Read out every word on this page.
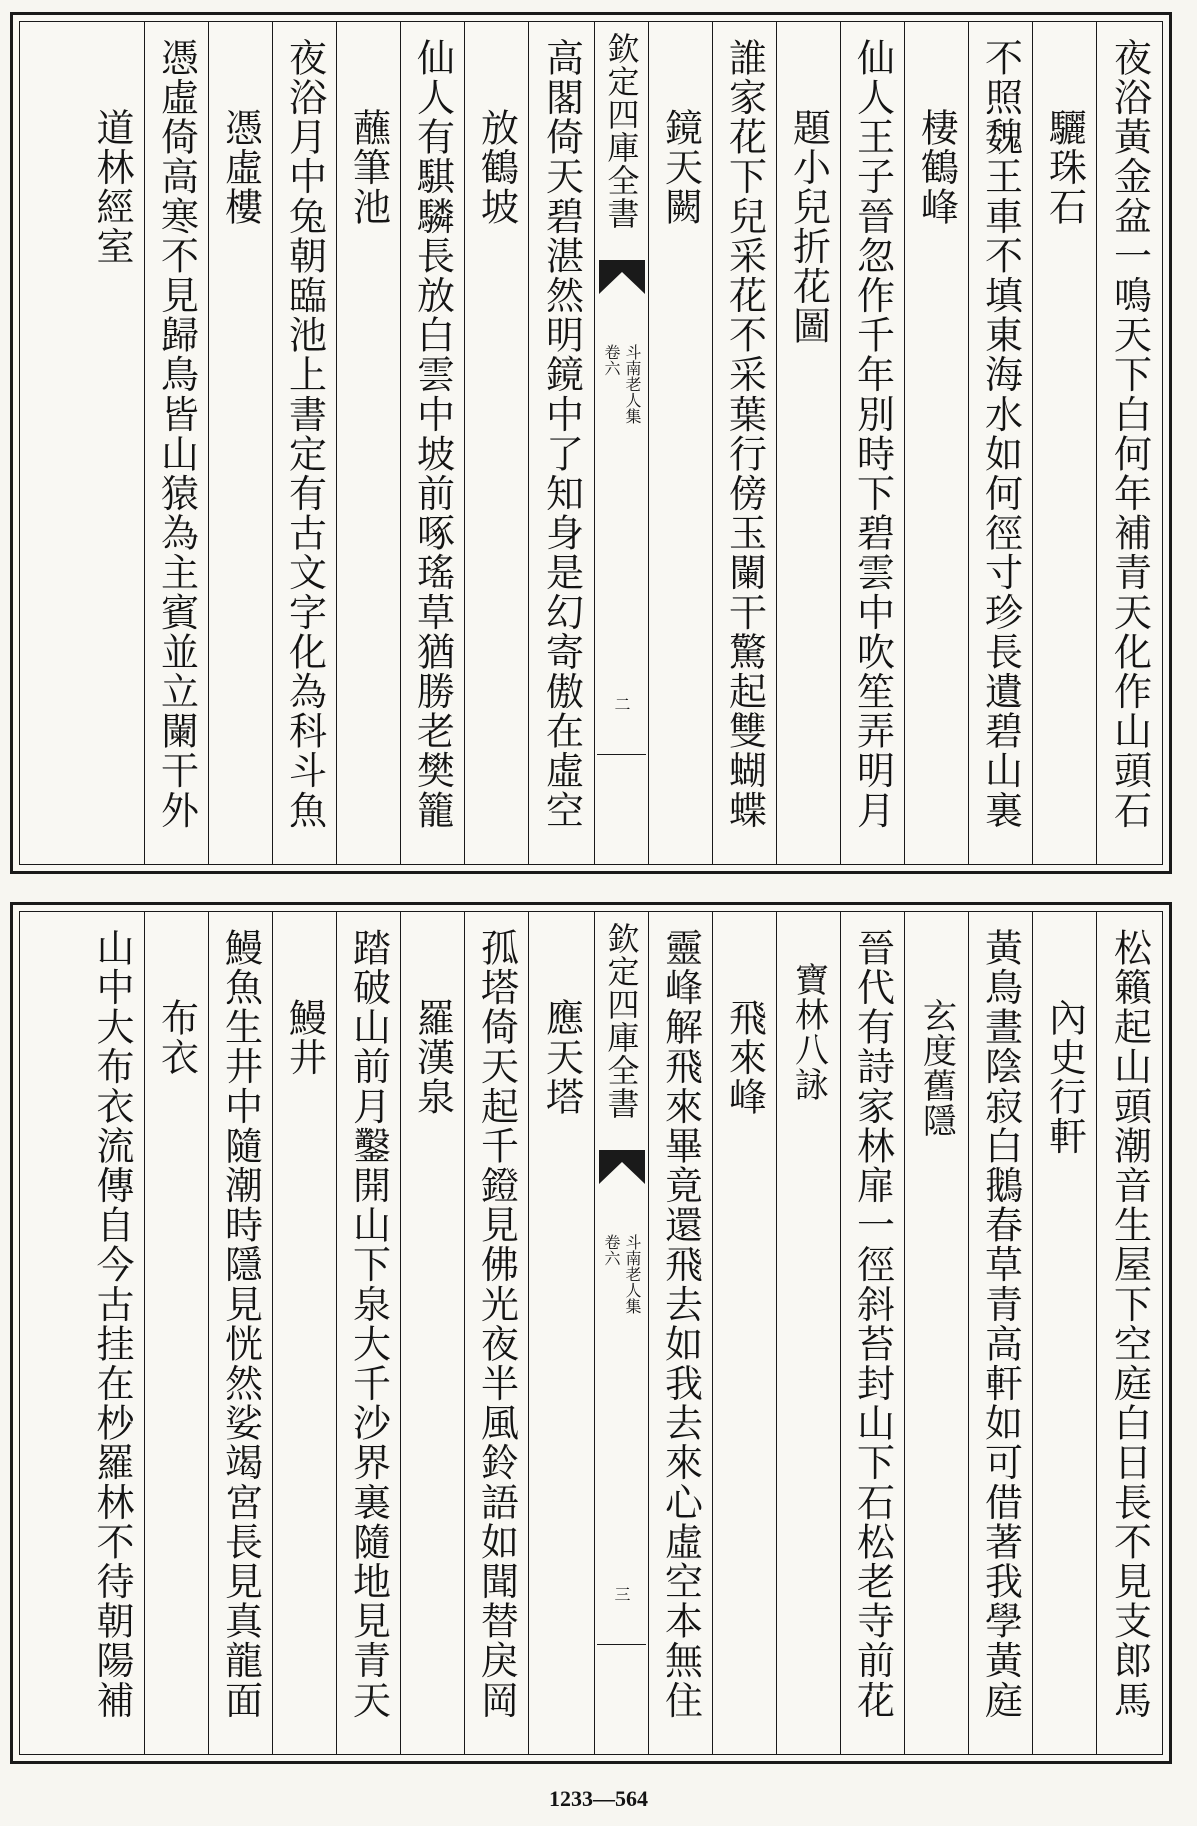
夜浴黃金盆一鳴天下白何年補青天化作山頭石
驪珠石
不照魏王車不填東海水如何徑寸珍長遺碧山裏
棲鶴峰
仙人王子晉忽作千年別時下碧雲中吹笙弄明月
題小兒折花圖
誰家花下兒采花不采葉行傍玉闌干驚起雙蝴蝶
鏡天闕
欽定四庫全書
斗南老人集
卷六
二
高閣倚天碧湛然明鏡中了知身是幻寄傲在虛空
放鶴坡
仙人有騏驎長放白雲中坡前啄瑤草猶勝老樊籠
蘸筆池
夜浴月中兔朝臨池上書定有古文字化為科斗魚
憑虛樓
憑虛倚高寒不見歸鳥皆山猿為主賓並立闌干外
道林經室
松籟起山頭潮音生屋下空庭白日長不見支郎馬
內史行軒
黃鳥晝陰寂白鵝春草青高軒如可借著我學黃庭
玄度舊隱
晉代有詩家林扉一徑斜苔封山下石松老寺前花
寶林八詠
飛來峰
靈峰解飛來畢竟還飛去如我去來心虛空本無住
欽定四庫全書
斗南老人集
卷六
三
應天塔
孤塔倚天起千鐙見佛光夜半風鈴語如聞替戾岡
羅漢泉
踏破山前月鑿開山下泉大千沙界裏隨地見青天
鰻井
鰻魚生井中隨潮時隱見恍然娑竭宮長見真龍面
布衣
山中大布衣流傳自今古挂在杪羅林不待朝陽補
1233—564
